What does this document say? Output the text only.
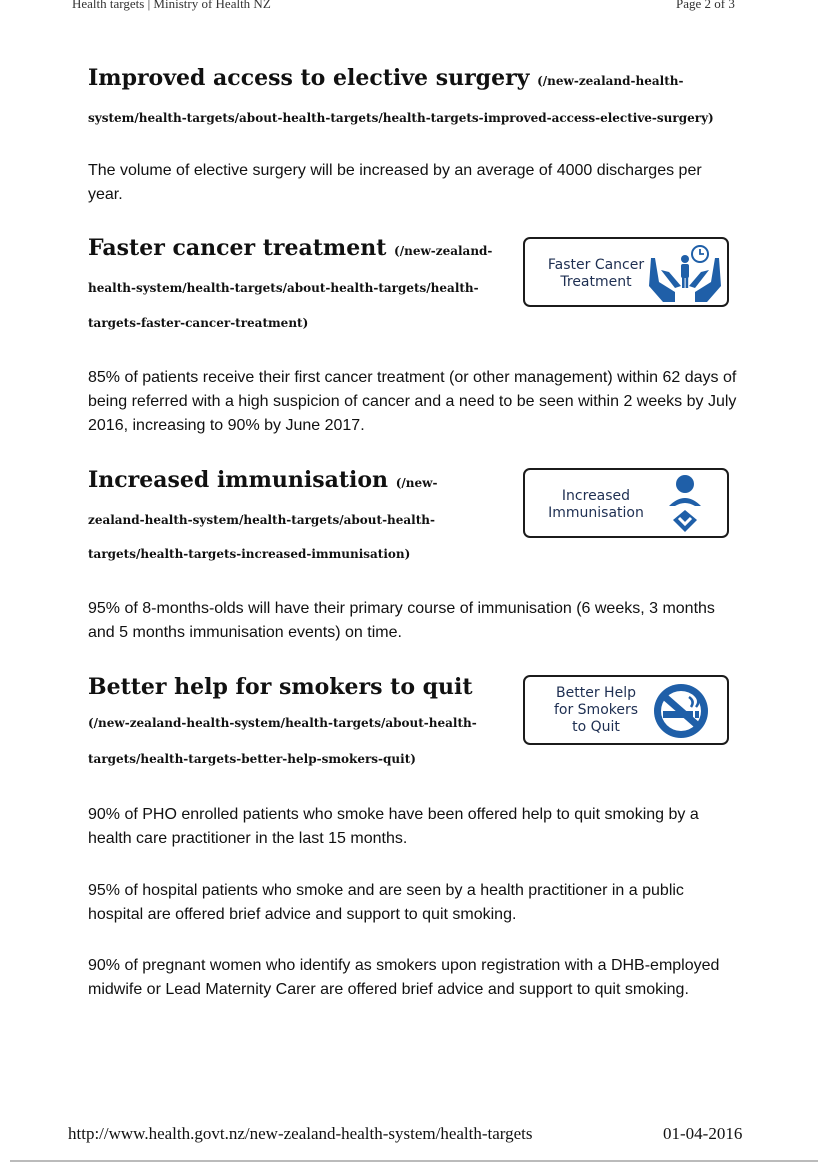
Health targets | Ministry of Health NZ	Page 2 of 3
Improved access to elective surgery (/new-zealand-health-
system/health-targets/about-health-targets/health-targets-improved-access-elective-surgery)
The volume of elective surgery will be increased by an average of 4000 discharges per year.
Faster cancer treatment (/new-zealand-
health-system/health-targets/about-health-targets/health-
targets-faster-cancer-treatment)
Faster Cancer
Treatment
85% of patients receive their first cancer treatment (or other management) within 62 days of being referred with a high suspicion of cancer and a need to be seen within 2 weeks by July 2016, increasing to 90% by June 2017.
Increased immunisation (/new-
zealand-health-system/health-targets/about-health-
targets/health-targets-increased-immunisation)
Increased
Immunisation
95% of 8-months-olds will have their primary course of immunisation (6 weeks, 3 months and 5 months immunisation events) on time.
Better help for smokers to quit
(/new-zealand-health-system/health-targets/about-health-
targets/health-targets-better-help-smokers-quit)
Better Help
for Smokers
to Quit
90% of PHO enrolled patients who smoke have been offered help to quit smoking by a health care practitioner in the last 15 months.
95% of hospital patients who smoke and are seen by a health practitioner in a public hospital are offered brief advice and support to quit smoking.
90% of pregnant women who identify as smokers upon registration with a DHB-employed midwife or Lead Maternity Carer are offered brief advice and support to quit smoking.
http://www.health.govt.nz/new-zealand-health-system/health-targets	01-04-2016
